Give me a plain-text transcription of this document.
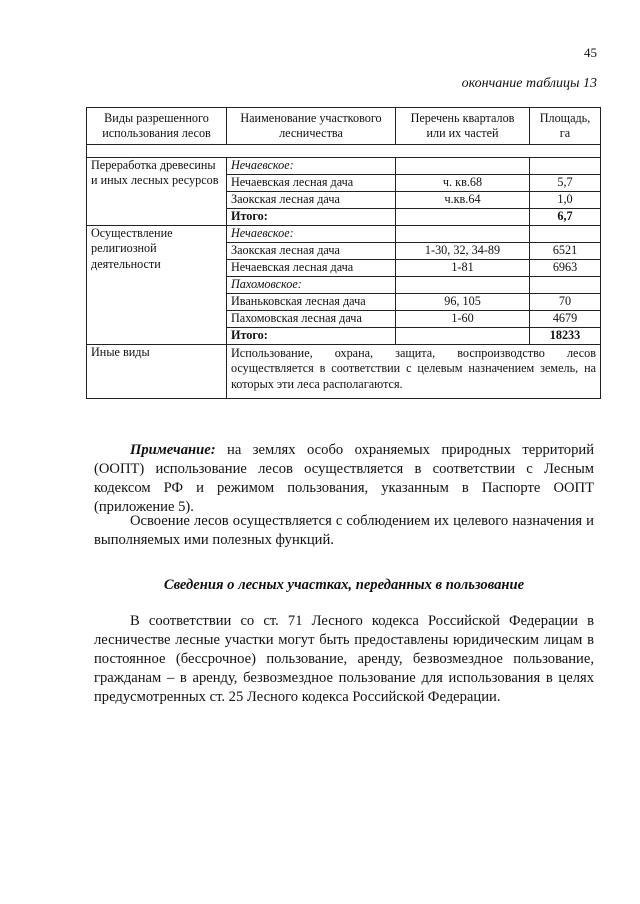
45
окончание таблицы 13
Виды разрешенного использования лесов	Наименование участкового лесничества	Перечень кварталов или их частей	Площадь, га

Переработка древесины и иных лесных ресурсов	Нечаевское:		
	Нечаевская лесная дача	ч. кв.68	5,7
	Заокская лесная дача	ч.кв.64	1,0
	Итого:		6,7
Осуществление религиозной деятельности	Нечаевское:		
	Заокская лесная дача	1-30, 32, 34-89	6521
	Нечаевская лесная дача	1-81	6963
	Пахомовское:		
	Иваньковская лесная дача	96, 105	70
	Пахомовская лесная дача	1-60	4679
	Итого:		18233
Иные виды	Использование, охрана, защита, воспроизводство лесов осуществляется в соответствии с целевым назначением земель, на которых эти леса располагаются.		

Примечание: на землях особо охраняемых природных территорий (ООПТ) использование лесов осуществляется в соответствии с Лесным кодексом РФ и режимом пользования, указанным в Паспорте ООПТ (приложение 5).

Освоение лесов осуществляется с соблюдением их целевого назначения и выполняемых ими полезных функций.

Сведения о лесных участках, переданных в пользование

В соответствии со ст. 71 Лесного кодекса Российской Федерации в лесничестве лесные участки могут быть предоставлены юридическим лицам в постоянное (бессрочное) пользование, аренду, безвозмездное пользование, гражданам – в аренду, безвозмездное пользование для использования в целях предусмотренных ст. 25 Лесного кодекса Российской Федерации.
